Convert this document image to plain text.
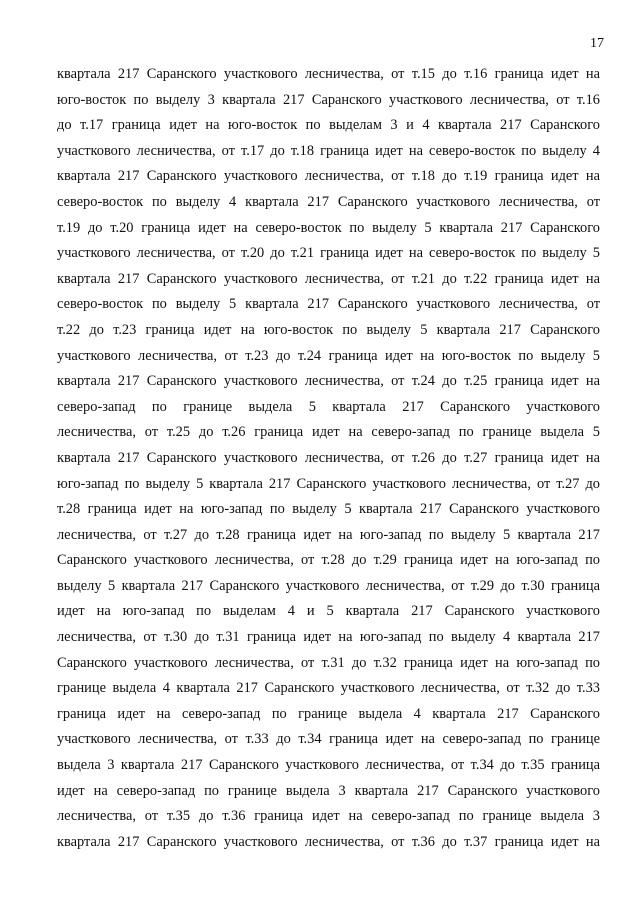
17
квартала 217 Саранского участкового лесничества, от т.15 до т.16 граница идет на
юго-восток по выделу 3 квартала 217 Саранского участкового лесничества, от т.16
до т.17 граница идет на юго-восток по выделам 3 и 4 квартала 217 Саранского
участкового лесничества, от т.17 до т.18 граница идет на северо-восток по выделу 4
квартала 217 Саранского участкового лесничества, от т.18 до т.19 граница идет на
северо-восток по выделу 4 квартала 217 Саранского участкового лесничества, от
т.19 до т.20 граница идет на северо-восток по выделу 5 квартала 217 Саранского
участкового лесничества, от т.20 до т.21 граница идет на северо-восток по выделу 5
квартала 217 Саранского участкового лесничества, от т.21 до т.22 граница идет на
северо-восток по выделу 5 квартала 217 Саранского участкового лесничества, от
т.22 до т.23 граница идет на юго-восток по выделу 5 квартала 217 Саранского
участкового лесничества, от т.23 до т.24 граница идет на юго-восток по выделу 5
квартала 217 Саранского участкового лесничества, от т.24 до т.25 граница идет на
северо-запад по границе выдела 5 квартала 217 Саранского участкового
лесничества, от т.25 до т.26 граница идет на северо-запад по границе выдела 5
квартала 217 Саранского участкового лесничества, от т.26 до т.27 граница идет на
юго-запад по выделу 5 квартала 217 Саранского участкового лесничества, от т.27 до
т.28 граница идет на юго-запад по выделу 5 квартала 217 Саранского участкового
лесничества, от т.27 до т.28 граница идет на юго-запад по выделу 5 квартала 217
Саранского участкового лесничества, от т.28 до т.29 граница идет на юго-запад по
выделу 5 квартала 217 Саранского участкового лесничества, от т.29 до т.30 граница
идет на юго-запад по выделам 4 и 5 квартала 217 Саранского участкового
лесничества, от т.30 до т.31 граница идет на юго-запад по выделу 4 квартала 217
Саранского участкового лесничества, от т.31 до т.32 граница идет на юго-запад по
границе выдела 4 квартала 217 Саранского участкового лесничества, от т.32 до т.33
граница идет на северо-запад по границе выдела 4 квартала 217 Саранского
участкового лесничества, от т.33 до т.34 граница идет на северо-запад по границе
выдела 3 квартала 217 Саранского участкового лесничества, от т.34 до т.35 граница
идет на северо-запад по границе выдела 3 квартала 217 Саранского участкового
лесничества, от т.35 до т.36 граница идет на северо-запад по границе выдела 3
квартала 217 Саранского участкового лесничества, от т.36 до т.37 граница идет на
